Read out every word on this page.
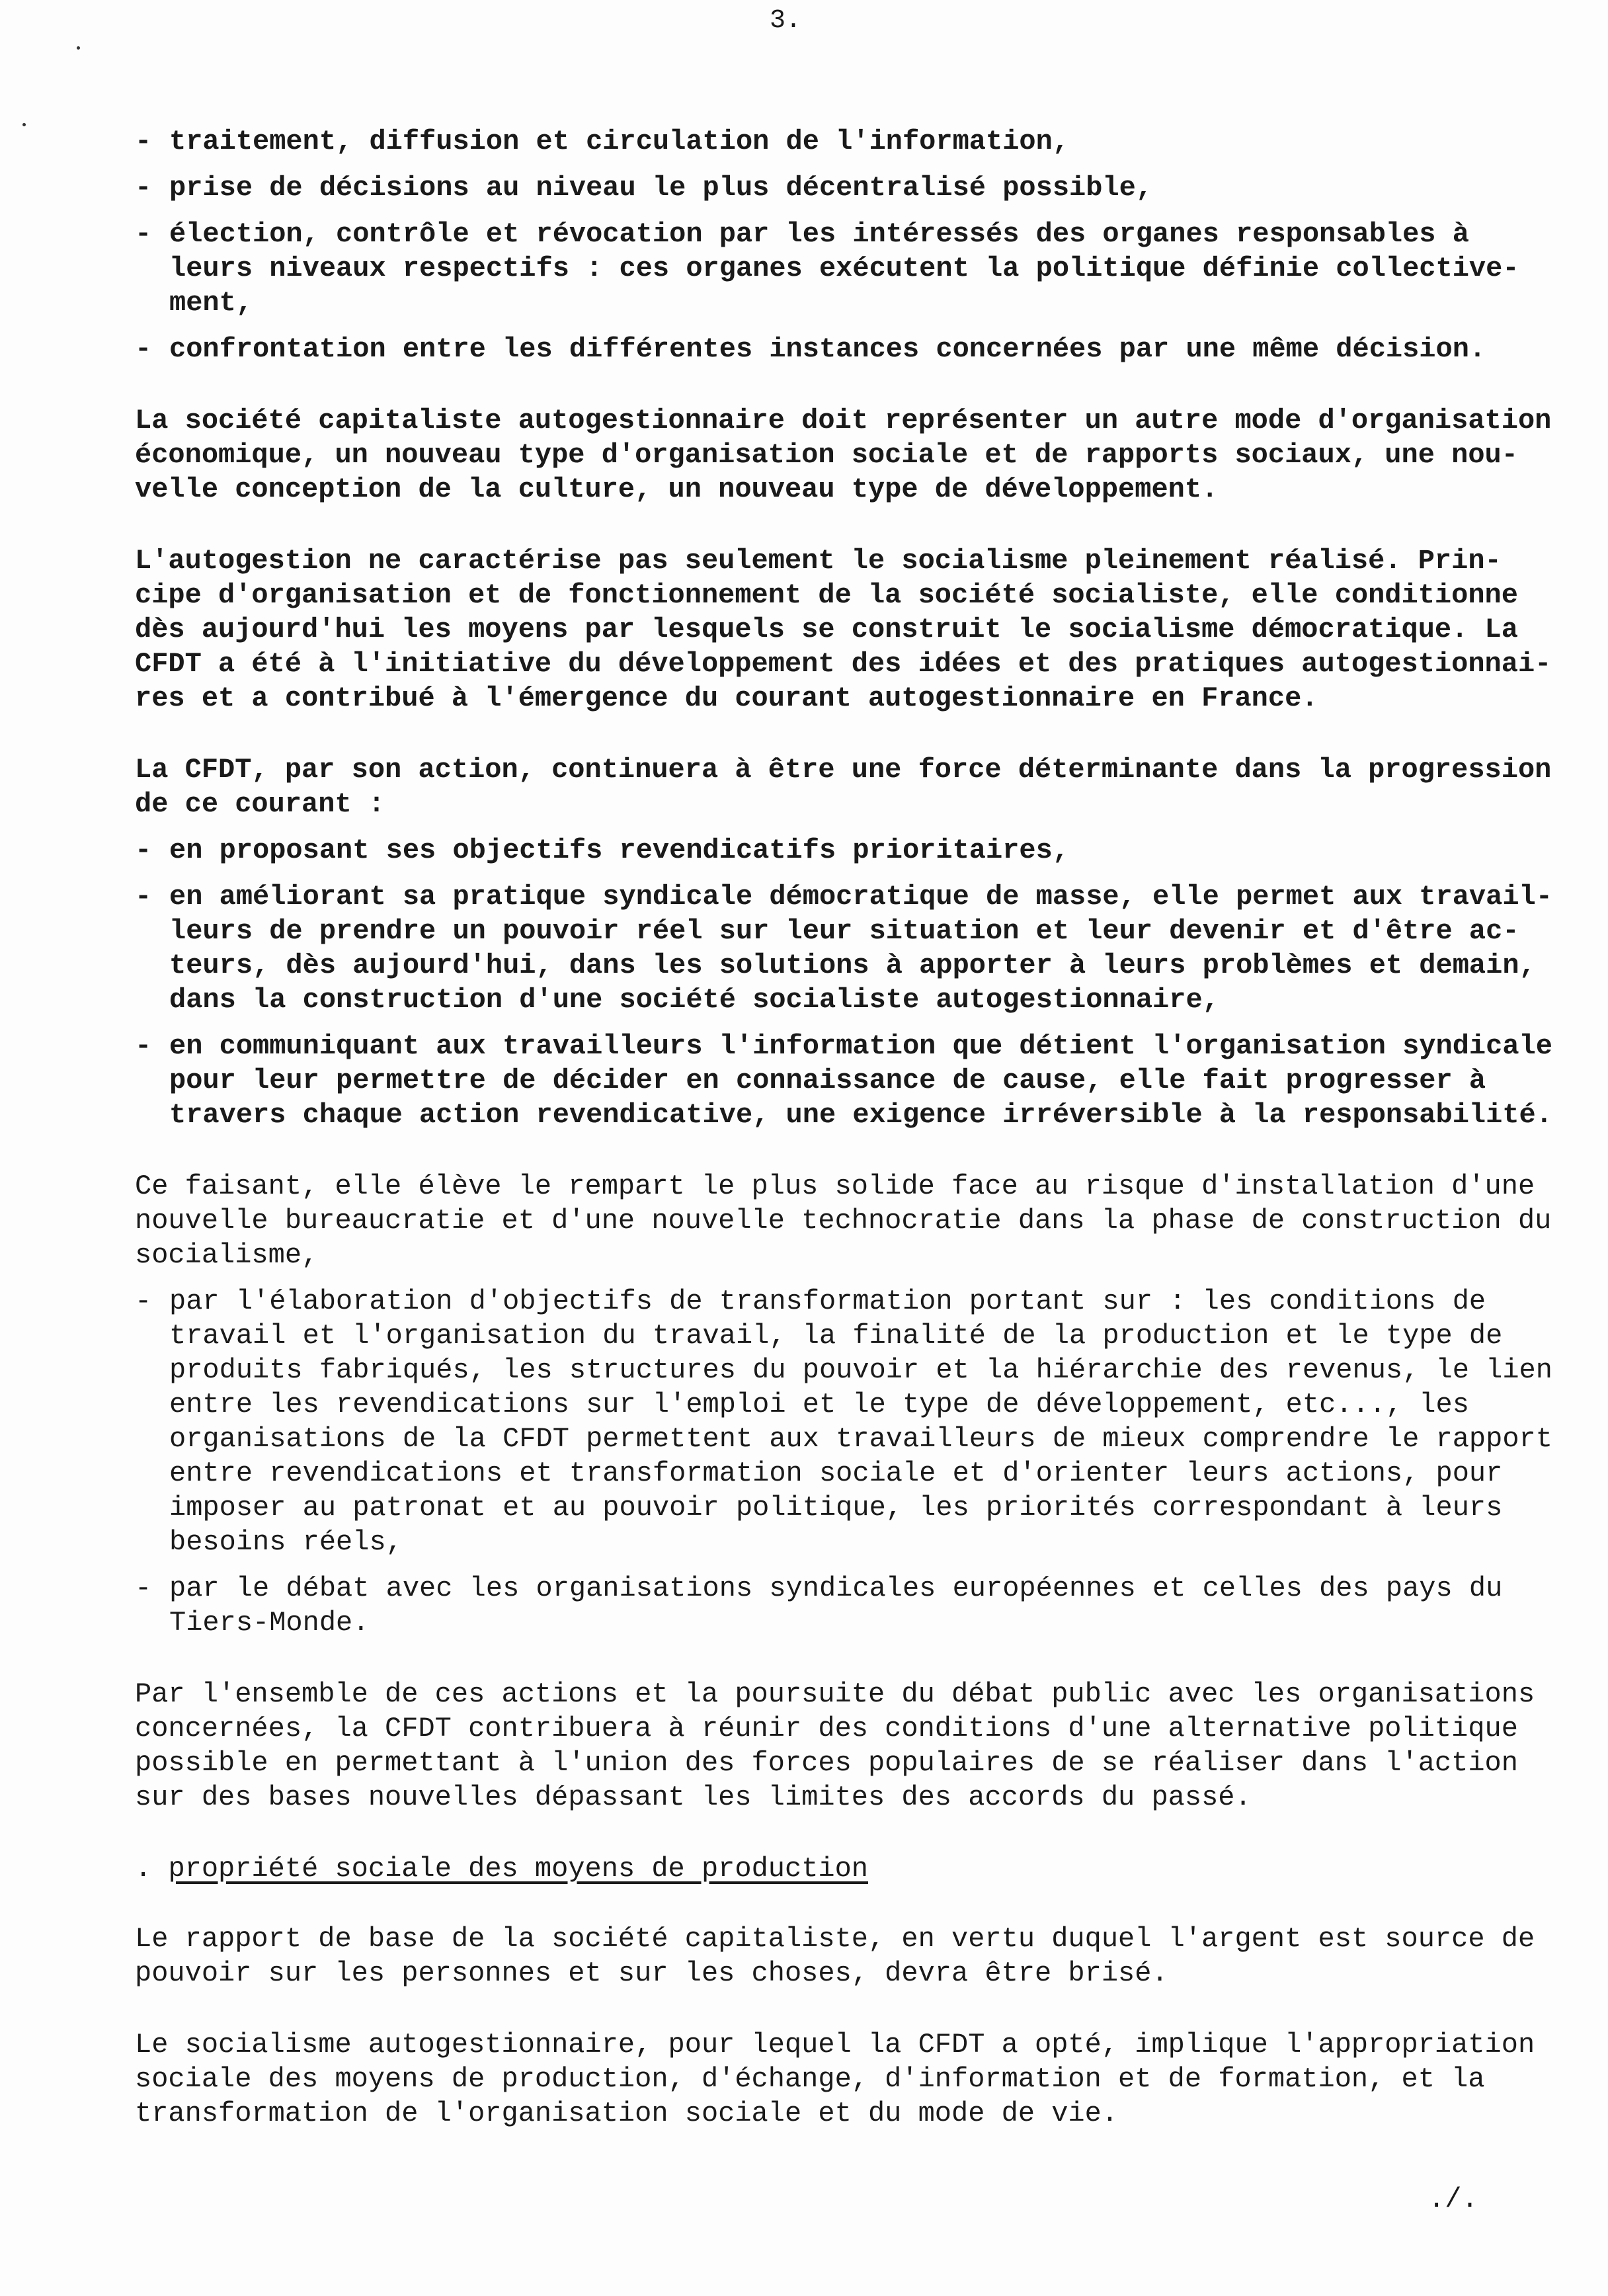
3.
- traitement, diffusion et circulation de l'information,
- prise de décisions au niveau le plus décentralisé possible,
- élection, contrôle et révocation par les intéressés des organes responsables à leurs niveaux respectifs : ces organes exécutent la politique définie collective-ment,
- confrontation entre les différentes instances concernées par une même décision.
La société capitaliste autogestionnaire doit représenter un autre mode d'organisation économique, un nouveau type d'organisation sociale et de rapports sociaux, une nou-velle conception de la culture, un nouveau type de développement.
L'autogestion ne caractérise pas seulement le socialisme pleinement réalisé. Prin-cipe d'organisation et de fonctionnement de la société socialiste, elle conditionne dès aujourd'hui les moyens par lesquels se construit le socialisme démocratique. La CFDT a été à l'initiative du développement des idées et des pratiques autogestionnai-res et a contribué à l'émergence du courant autogestionnaire en France.
La CFDT, par son action, continuera à être une force déterminante dans la progression de ce courant :
- en proposant ses objectifs revendicatifs prioritaires,
- en améliorant sa pratique syndicale démocratique de masse, elle permet aux travail-leurs de prendre un pouvoir réel sur leur situation et leur devenir et d'être ac-teurs, dès aujourd'hui, dans les solutions à apporter à leurs problèmes et demain, dans la construction d'une société socialiste autogestionnaire,
- en communiquant aux travailleurs l'information que détient l'organisation syndicale pour leur permettre de décider en connaissance de cause, elle fait progresser à travers chaque action revendicative, une exigence irréversible à la responsabilité.
Ce faisant, elle élève le rempart le plus solide face au risque d'installation d'une nouvelle bureaucratie et d'une nouvelle technocratie dans la phase de construction du socialisme,
- par l'élaboration d'objectifs de transformation portant sur : les conditions de travail et l'organisation du travail, la finalité de la production et le type de produits fabriqués, les structures du pouvoir et la hiérarchie des revenus, le lien entre les revendications sur l'emploi et le type de développement, etc..., les organisations de la CFDT permettent aux travailleurs de mieux comprendre le rapport entre revendications et transformation sociale et d'orienter leurs actions, pour imposer au patronat et au pouvoir politique, les priorités correspondant à leurs besoins réels,
- par le débat avec les organisations syndicales européennes et celles des pays du Tiers-Monde.
Par l'ensemble de ces actions et la poursuite du débat public avec les organisations concernées, la CFDT contribuera à réunir des conditions d'une alternative politique possible en permettant à l'union des forces populaires de se réaliser dans l'action sur des bases nouvelles dépassant les limites des accords du passé.
. propriété sociale des moyens de production
Le rapport de base de la société capitaliste, en vertu duquel l'argent est source de pouvoir sur les personnes et sur les choses, devra être brisé.
Le socialisme autogestionnaire, pour lequel la CFDT a opté, implique l'appropriation sociale des moyens de production, d'échange, d'information et de formation, et la transformation de l'organisation sociale et du mode de vie.
./.
